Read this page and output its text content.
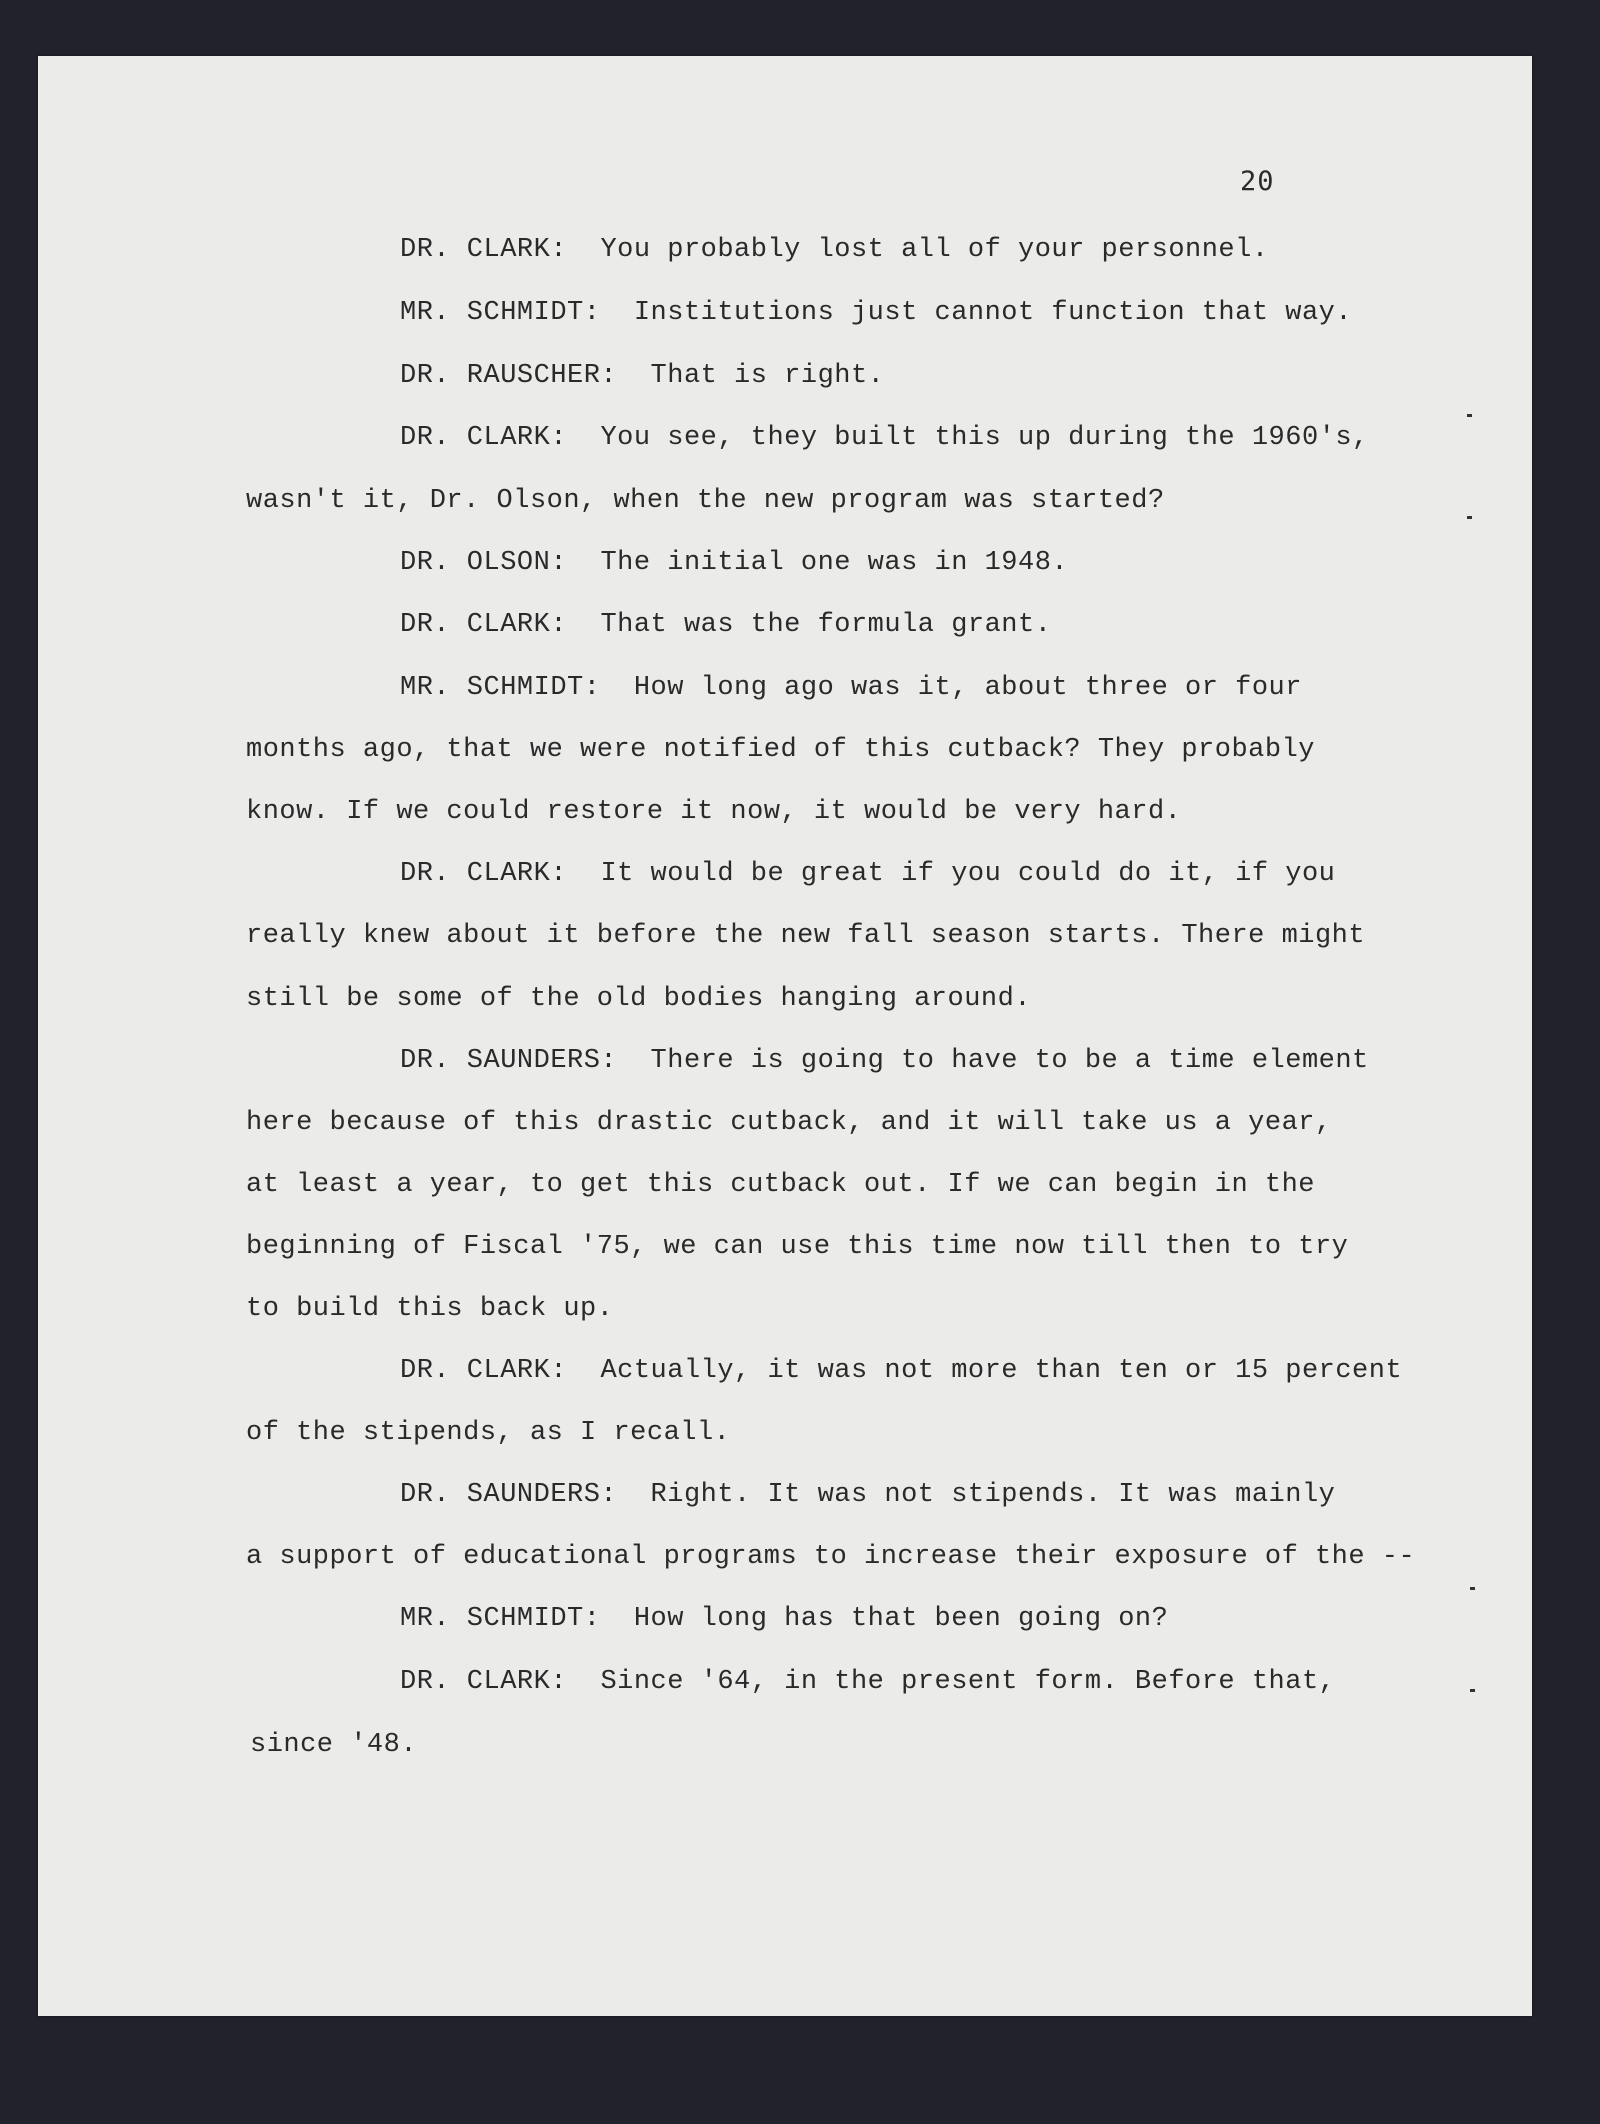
20
DR. CLARK: You probably lost all of your personnel.
MR. SCHMIDT: Institutions just cannot function that way.
DR. RAUSCHER: That is right.
DR. CLARK: You see, they built this up during the 1960's,
wasn't it, Dr. Olson, when the new program was started?
DR. OLSON: The initial one was in 1948.
DR. CLARK: That was the formula grant.
MR. SCHMIDT: How long ago was it, about three or four
months ago, that we were notified of this cutback? They probably
know. If we could restore it now, it would be very hard.
DR. CLARK: It would be great if you could do it, if you
really knew about it before the new fall season starts. There might
still be some of the old bodies hanging around.
DR. SAUNDERS: There is going to have to be a time element
here because of this drastic cutback, and it will take us a year,
at least a year, to get this cutback out. If we can begin in the
beginning of Fiscal '75, we can use this time now till then to try
to build this back up.
DR. CLARK: Actually, it was not more than ten or 15 percent
of the stipends, as I recall.
DR. SAUNDERS: Right. It was not stipends. It was mainly
a support of educational programs to increase their exposure of the --
MR. SCHMIDT: How long has that been going on?
DR. CLARK: Since '64, in the present form. Before that,
since '48.
